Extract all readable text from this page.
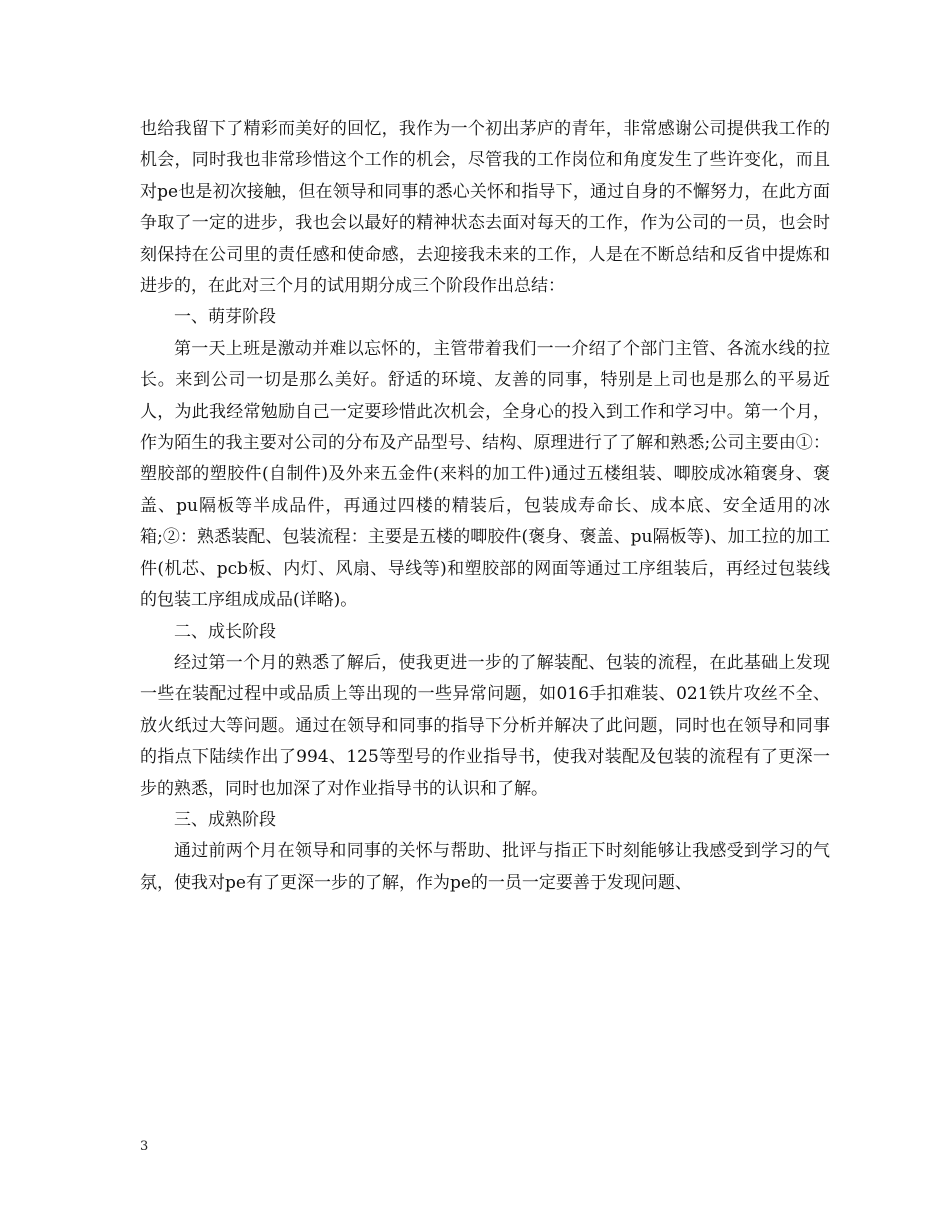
也给我留下了精彩而美好的回忆，我作为一个初出茅庐的青年，非常感谢公司提供我工作的机会，同时我也非常珍惜这个工作的机会，尽管我的工作岗位和角度发生了些许变化，而且对pe也是初次接触，但在领导和同事的悉心关怀和指导下，通过自身的不懈努力，在此方面争取了一定的进步，我也会以最好的精神状态去面对每天的工作，作为公司的一员，也会时刻保持在公司里的责任感和使命感，去迎接我未来的工作，人是在不断总结和反省中提炼和进步的，在此对三个月的试用期分成三个阶段作出总结：

一、萌芽阶段

第一天上班是激动并难以忘怀的，主管带着我们一一介绍了个部门主管、各流水线的拉长。来到公司一切是那么美好。舒适的环境、友善的同事，特别是上司也是那么的平易近人，为此我经常勉励自己一定要珍惜此次机会，全身心的投入到工作和学习中。第一个月，作为陌生的我主要对公司的分布及产品型号、结构、原理进行了了解和熟悉;公司主要由①：塑胶部的塑胶件(自制件)及外来五金件(来料的加工件)通过五楼组装、唧胶成冰箱褒身、褒盖、pu隔板等半成品件，再通过四楼的精装后，包装成寿命长、成本底、安全适用的冰箱;②：熟悉装配、包装流程：主要是五楼的唧胶件(褒身、褒盖、pu隔板等)、加工拉的加工件(机芯、pcb板、内灯、风扇、导线等)和塑胶部的网面等通过工序组装后，再经过包装线的包装工序组成成品(详略)。

二、成长阶段

经过第一个月的熟悉了解后，使我更进一步的了解装配、包装的流程，在此基础上发现一些在装配过程中或品质上等出现的一些异常问题，如016手扣难装、021铁片攻丝不全、放火纸过大等问题。通过在领导和同事的指导下分析并解决了此问题，同时也在领导和同事的指点下陆续作出了994、125等型号的作业指导书，使我对装配及包装的流程有了更深一步的熟悉，同时也加深了对作业指导书的认识和了解。

三、成熟阶段

通过前两个月在领导和同事的关怀与帮助、批评与指正下时刻能够让我感受到学习的气氛，使我对pe有了更深一步的了解，作为pe的一员一定要善于发现问题、

3
